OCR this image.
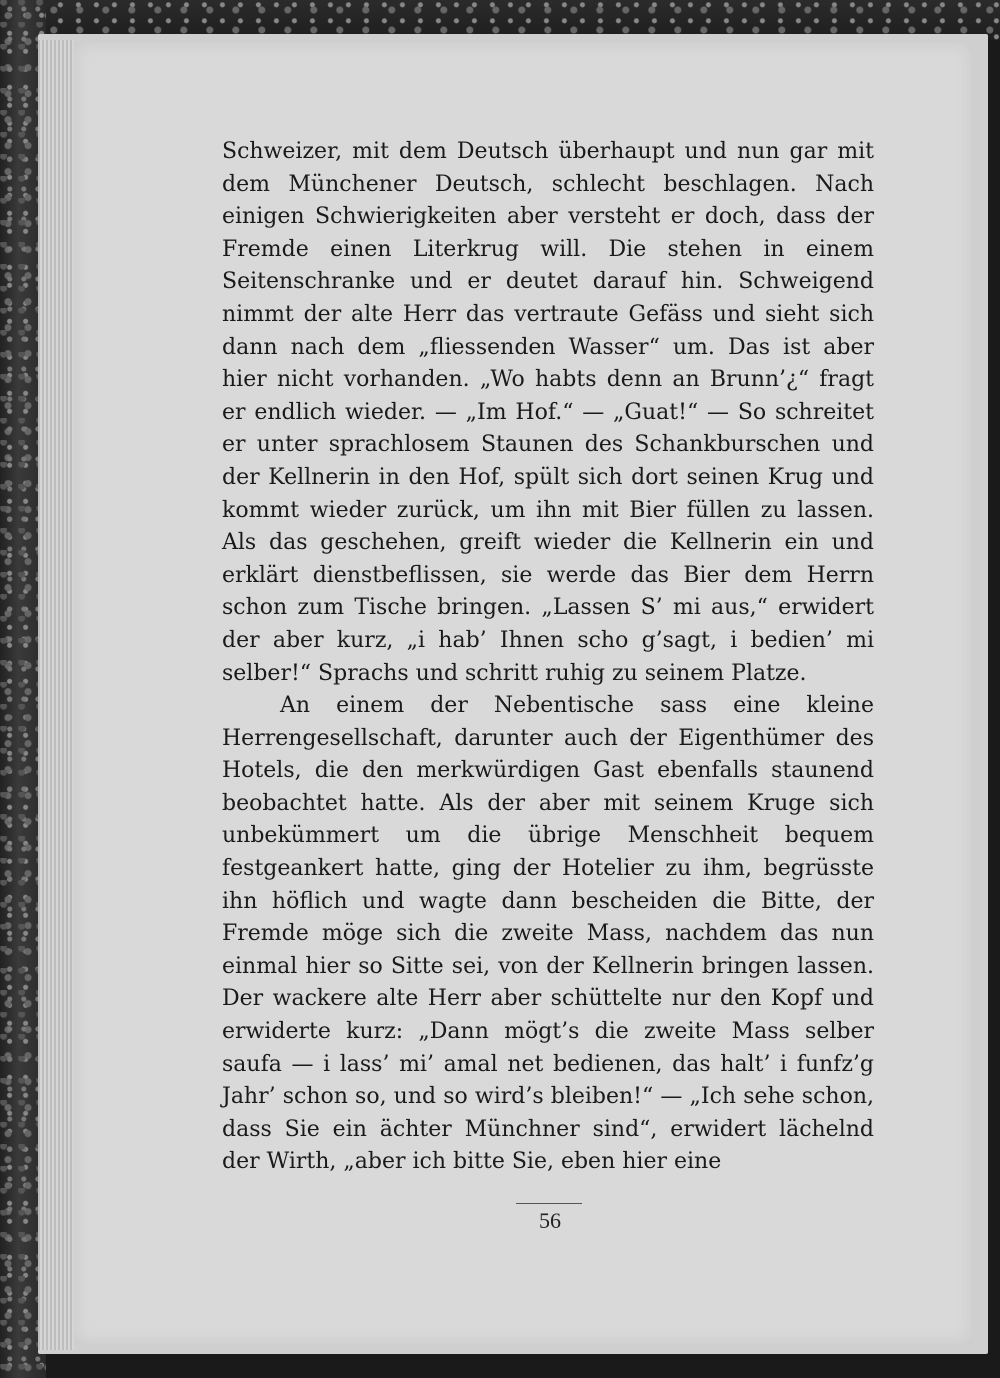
Schweizer, mit dem Deutsch überhaupt und nun gar mit dem Münchener Deutsch, schlecht beschlagen. Nach einigen Schwierigkeiten aber versteht er doch, dass der Fremde einen Literkrug will. Die stehen in einem Seitenschranke und er deutet darauf hin. Schweigend nimmt der alte Herr das vertraute Gefäss und sieht sich dann nach dem „fliessenden Wasser“ um. Das ist aber hier nicht vorhanden. „Wo habts denn an Brunn’¿“ fragt er endlich wieder. — „Im Hof.“ — „Guat!“ — So schreitet er unter sprachlosem Staunen des Schankburschen und der Kellnerin in den Hof, spült sich dort seinen Krug und kommt wieder zurück, um ihn mit Bier füllen zu lassen. Als das geschehen, greift wieder die Kellnerin ein und erklärt dienstbeflissen, sie werde das Bier dem Herrn schon zum Tische bringen. „Lassen S’ mi aus,“ erwidert der aber kurz, „i hab’ Ihnen scho g’sagt, i bedien’ mi selber!“ Sprachs und schritt ruhig zu seinem Platze.

An einem der Nebentische sass eine kleine Herrengesellschaft, darunter auch der Eigenthümer des Hotels, die den merkwürdigen Gast ebenfalls staunend beobachtet hatte. Als der aber mit seinem Kruge sich unbekümmert um die übrige Menschheit bequem festgeankert hatte, ging der Hotelier zu ihm, begrüsste ihn höflich und wagte dann bescheiden die Bitte, der Fremde möge sich die zweite Mass, nachdem das nun einmal hier so Sitte sei, von der Kellnerin bringen lassen. Der wackere alte Herr aber schüttelte nur den Kopf und erwiderte kurz: „Dann mögt’s die zweite Mass selber saufa — i lass’ mi’ amal net bedienen, das halt’ i funfz’g Jahr’ schon so, und so wird’s bleiben!“ — „Ich sehe schon, dass Sie ein ächter Münchner sind“, erwidert lächelnd der Wirth, „aber ich bitte Sie, eben hier eine

56
